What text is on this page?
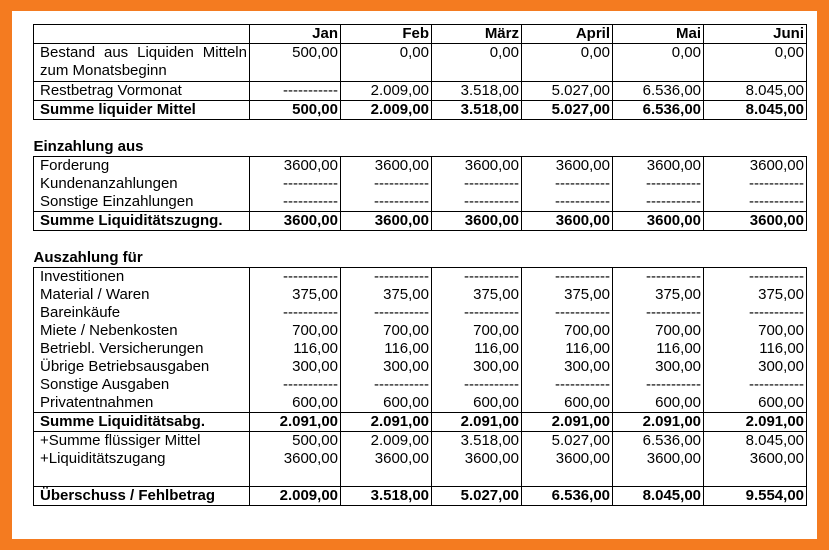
	Jan	Feb	März	April	Mai	Juni

Bestand aus Liquiden Mitteln zum Monatsbeginn	500,00	0,00	0,00	0,00	0,00	0,00
Restbetrag Vormonat	-----------	2.009,00	3.518,00	5.027,00	6.536,00	8.045,00
Summe liquider Mittel	500,00	2.009,00	3.518,00	5.027,00	6.536,00	8.045,00

Einzahlung aus						
Forderung	3600,00	3600,00	3600,00	3600,00	3600,00	3600,00
Kundenanzahlungen	-----------	-----------	-----------	-----------	-----------	-----------
Sonstige Einzahlungen	-----------	-----------	-----------	-----------	-----------	-----------
Summe Liquiditätszugng.	3600,00	3600,00	3600,00	3600,00	3600,00	3600,00

Auszahlung für						
Investitionen	-----------	-----------	-----------	-----------	-----------	-----------
Material / Waren	375,00	375,00	375,00	375,00	375,00	375,00
Bareinkäufe	-----------	-----------	-----------	-----------	-----------	-----------
Miete / Nebenkosten	700,00	700,00	700,00	700,00	700,00	700,00
Betriebl. Versicherungen	116,00	116,00	116,00	116,00	116,00	116,00
Übrige Betriebsausgaben	300,00	300,00	300,00	300,00	300,00	300,00
Sonstige Ausgaben	-----------	-----------	-----------	-----------	-----------	-----------
Privatentnahmen	600,00	600,00	600,00	600,00	600,00	600,00
Summe Liquiditätsabg.	2.091,00	2.091,00	2.091,00	2.091,00	2.091,00	2.091,00
+Summe flüssiger Mittel	500,00	2.009,00	3.518,00	5.027,00	6.536,00	8.045,00
+Liquiditätszugang	3600,00	3600,00	3600,00	3600,00	3600,00	3600,00

Überschuss / Fehlbetrag	2.009,00	3.518,00	5.027,00	6.536,00	8.045,00	9.554,00
